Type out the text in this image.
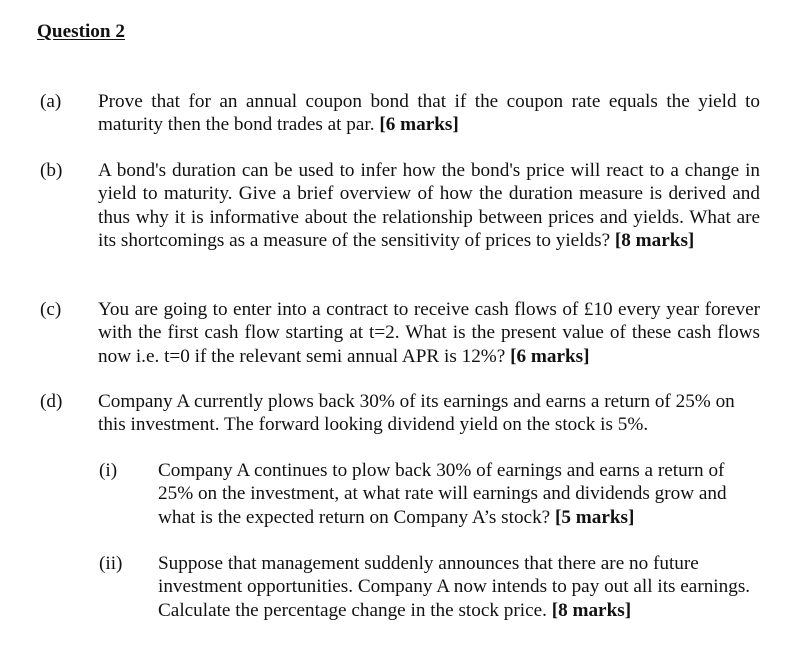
Question 2
(a) Prove that for an annual coupon bond that if the coupon rate equals the yield to maturity then the bond trades at par. [6 marks]
(b) A bond's duration can be used to infer how the bond's price will react to a change in yield to maturity. Give a brief overview of how the duration measure is derived and thus why it is informative about the relationship between prices and yields. What are its shortcomings as a measure of the sensitivity of prices to yields? [8 marks]
(c) You are going to enter into a contract to receive cash flows of £10 every year forever with the first cash flow starting at t=2. What is the present value of these cash flows now i.e. t=0 if the relevant semi annual APR is 12%? [6 marks]
(d) Company A currently plows back 30% of its earnings and earns a return of 25% on this investment. The forward looking dividend yield on the stock is 5%.
(i) Company A continues to plow back 30% of earnings and earns a return of 25% on the investment, at what rate will earnings and dividends grow and what is the expected return on Company A’s stock? [5 marks]
(ii) Suppose that management suddenly announces that there are no future investment opportunities. Company A now intends to pay out all its earnings. Calculate the percentage change in the stock price. [8 marks]
